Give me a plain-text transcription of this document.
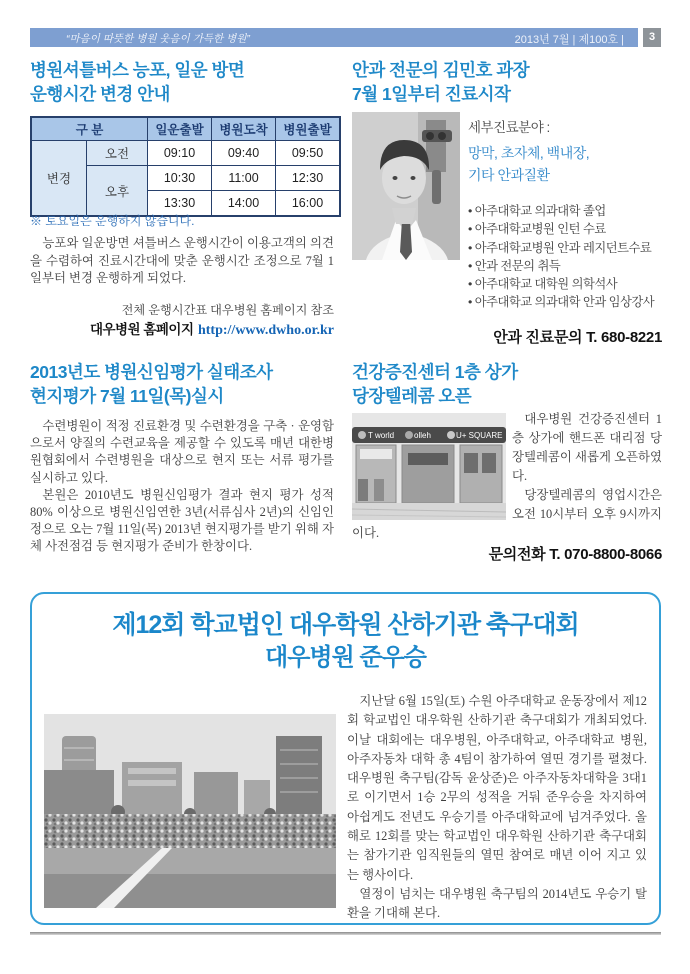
“마음이 따뜻한 병원 웃음이 가득한 병원”	2013년 7월 | 제100호 |	3
병원셔틀버스 능포, 일운 방면
운행시간 변경 안내
구 분		일운출발	병원도착	병원출발
변경	오전	09:10	09:40	09:50
	오후	10:30	11:00	12:30
		13:30	14:00	16:00
※ 토요일은 운행하지 않습니다.

능포와 일운방면 셔틀버스 운행시간이 이용고객의 의견을 수렴하여 진료시간대에 맞춘 운행시간 조정으로 7월 1일부터 변경 운행하게 되었다.

전체 운행시간표 대우병원 홈페이지 참조
대우병원 홈페이지 http://www.dwho.or.kr
안과 전문의 김민호 과장
7월 1일부터 진료시작

세부진료분야 :

망막, 초자체, 백내장,
기타 안과질환
• 아주대학교 의과대학 졸업
• 아주대학교병원 인턴 수료
• 아주대학교병원 안과 레지던트수료
• 안과 전문의 취득
• 아주대학교 대학원 의학석사
• 아주대학교 의과대학 안과 임상강사
안과 진료문의 T. 680-8221
2013년도 병원신임평가 실태조사
현지평가 7월 11일(목)실시

수련병원이 적정 진료환경 및 수련환경을 구축 · 운영함으로서 양질의 수련교육을 제공할 수 있도록 매년 대한병원협회에서 수련병원을 대상으로 현지 또는 서류 평가를 실시하고 있다.

본원은 2010년도 병원신임평가 결과 현지 평가 성적 80% 이상으로 병원신임연한 3년(서류심사 2년)의 신임인정으로 오는 7월 11일(목) 2013년 현지평가를 받기 위해 자체 사전점검 등 현지평가 준비가 한창이다.

건강증진센터 1층 상가
당장텔레콤 오픈
T world olleh	U+ SQUARE

대우병원 건강증진센터 1층 상가에 핸드폰 대리점 당장텔레콤이 새롭게 오픈하였다.

당장텔레콤의 영업시간은 오전 10시부터 오후 9시까지이다.

문의전화 T. 070-8800-8066
제12회 학교법인 대우학원 산하기관 축구대회
대우병원 준우승

지난달 6월 15일(토) 수원 아주대학교 운동장에서 제12회 학교법인 대우학원 산하기관 축구대회가 개최되었다. 이날 대회에는 대우병원, 아주대학교, 아주대학교 병원, 아주자동차 대학 총 4팀이 참가하여 열띤 경기를 펼쳤다. 대우병원 축구팀(감독 윤상준)은 아주자동차대학을 3대1로 이기면서 1승 2무의 성적을 거둬 준우승을 차지하여 아쉽게도 전년도 우승기를 아주대학교에 넘겨주었다. 올해로 12회를 맞는 학교법인 대우학원 산하기관 축구대회는 참가기관 임직원들의 열띤 참여로 매년 이어 지고 있는 행사이다.

열정이 넘치는 대우병원 축구팀의 2014년도 우승기 탈환을 기대해 본다.
